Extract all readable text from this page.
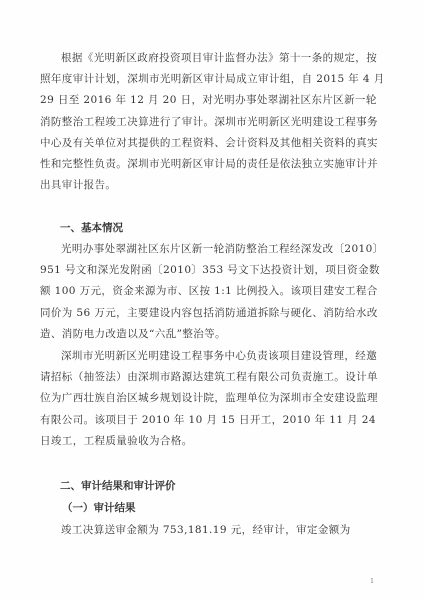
根据《光明新区政府投资项目审计监督办法》第十一条的规定，按照年度审计计划，深圳市光明新区审计局成立审计组，自 2015 年 4 月 29 日至 2016 年 12 月 20 日，对光明办事处翠湖社区东片区新一轮消防整治工程竣工决算进行了审计。深圳市光明新区光明建设工程事务中心及有关单位对其提供的工程资料、会计资料及其他相关资料的真实性和完整性负责。深圳市光明新区审计局的责任是依法独立实施审计并出具审计报告。

一、基本情况

光明办事处翠湖社区东片区新一轮消防整治工程经深发改〔2010〕951 号文和深光发附函〔2010〕353 号文下达投资计划，项目资金数额 100 万元，资金来源为市、区按 1:1 比例投入。该项目建安工程合同价为 56 万元，主要建设内容包括消防通道拆除与硬化、消防给水改造、消防电力改造以及“六乱”整治等。

深圳市光明新区光明建设工程事务中心负责该项目建设管理，经邀请招标（抽签法）由深圳市路源达建筑工程有限公司负责施工。设计单位为广西壮族自治区城乡规划设计院，监理单位为深圳市全安建设监理有限公司。该项目于 2010 年 10 月 15 日开工，2010 年 11 月 24 日竣工，工程质量验收为合格。

二、审计结果和审计评价
（一）审计结果

竣工决算送审金额为 753,181.19 元，经审计，审定金额为

1
